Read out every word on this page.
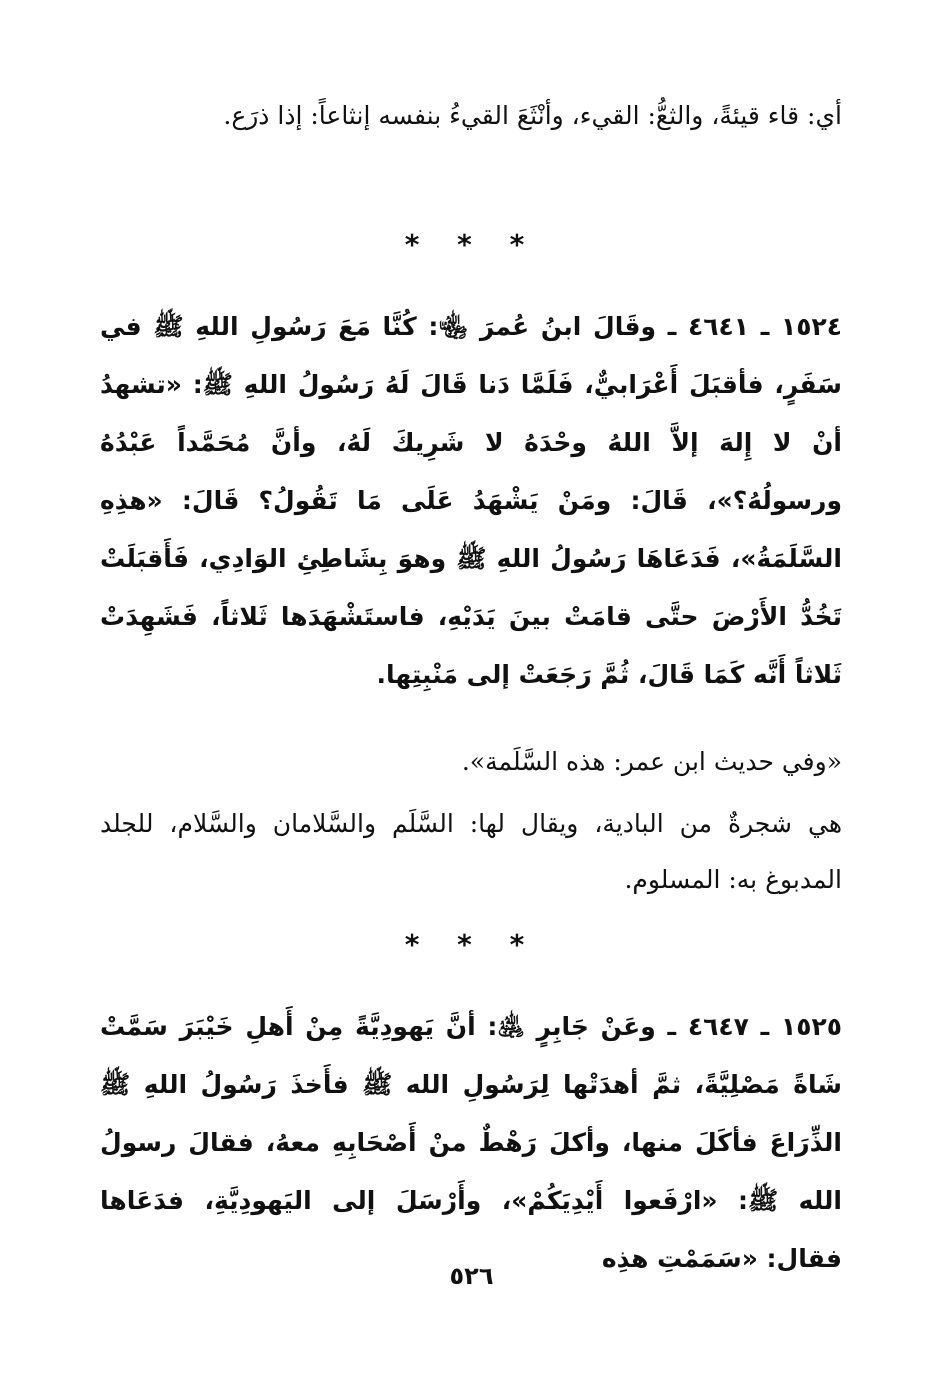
أي: قاء قيئةً، والثعُّ: القيء، وأنْثَعَ القيءُ بنفسه إنثاعاً: إذا ذرَع.

* * *

١٥٢٤ ـ ٤٦٤١ ـ وقَالَ ابنُ عُمرَ ﵄: كُنَّا مَعَ رَسُولِ اللهِ ﷺ في سَفَرٍ، فأقبَلَ أَعْرَابيٌّ، فَلَمَّا دَنا قَالَ لَهُ رَسُولُ اللهِ ﷺ: «تشهدُ أنْ لا إِلهَ إلاَّ اللهُ وحْدَهُ لا شَرِيكَ لَهُ، وأنَّ مُحَمَّداً عَبْدُهُ ورسولُهُ؟»، قَالَ: ومَنْ يَشْهَدُ عَلَى مَا تَقُولُ؟ قَالَ: «هذِهِ السَّلَمَةُ»، فَدَعَاهَا رَسُولُ اللهِ ﷺ وهوَ بِشَاطِئِ الوَادِي، فَأَقبَلَتْ تَخُدُّ الأَرْضَ حتَّى قامَتْ بينَ يَدَيْهِ، فاستَشْهَدَها ثَلاثاً، فَشَهِدَتْ ثَلاثاً أَنَّه كَمَا قَالَ، ثُمَّ رَجَعَتْ إلى مَنْبِتِها.

«وفي حديث ابن عمر: هذه السَّلَمة».

هي شجرةٌ من البادية، ويقال لها: السَّلَم والسَّلامان والسَّلام، للجلد المدبوغ به: المسلوم.

* * *

١٥٢٥ ـ ٤٦٤٧ ـ وعَنْ جَابِرٍ ﵁: أنَّ يَهودِيَّةً مِنْ أَهلِ خَيْبَرَ سَمَّتْ شَاةً مَصْلِيَّةً، ثمَّ أهدَتْها لِرَسُولِ الله ﷺ فأَخذَ رَسُولُ اللهِ ﷺ الذِّرَاعَ فأكَلَ منها، وأكلَ رَهْطٌ منْ أَصْحَابِهِ معهُ، فقالَ رسولُ الله ﷺ: «ارْفَعوا أَيْدِيَكُمْ»، وأَرْسَلَ إلى اليَهودِيَّةِ، فدَعَاها فقال: «سَمَمْتِ هذِه

٥٢٦
